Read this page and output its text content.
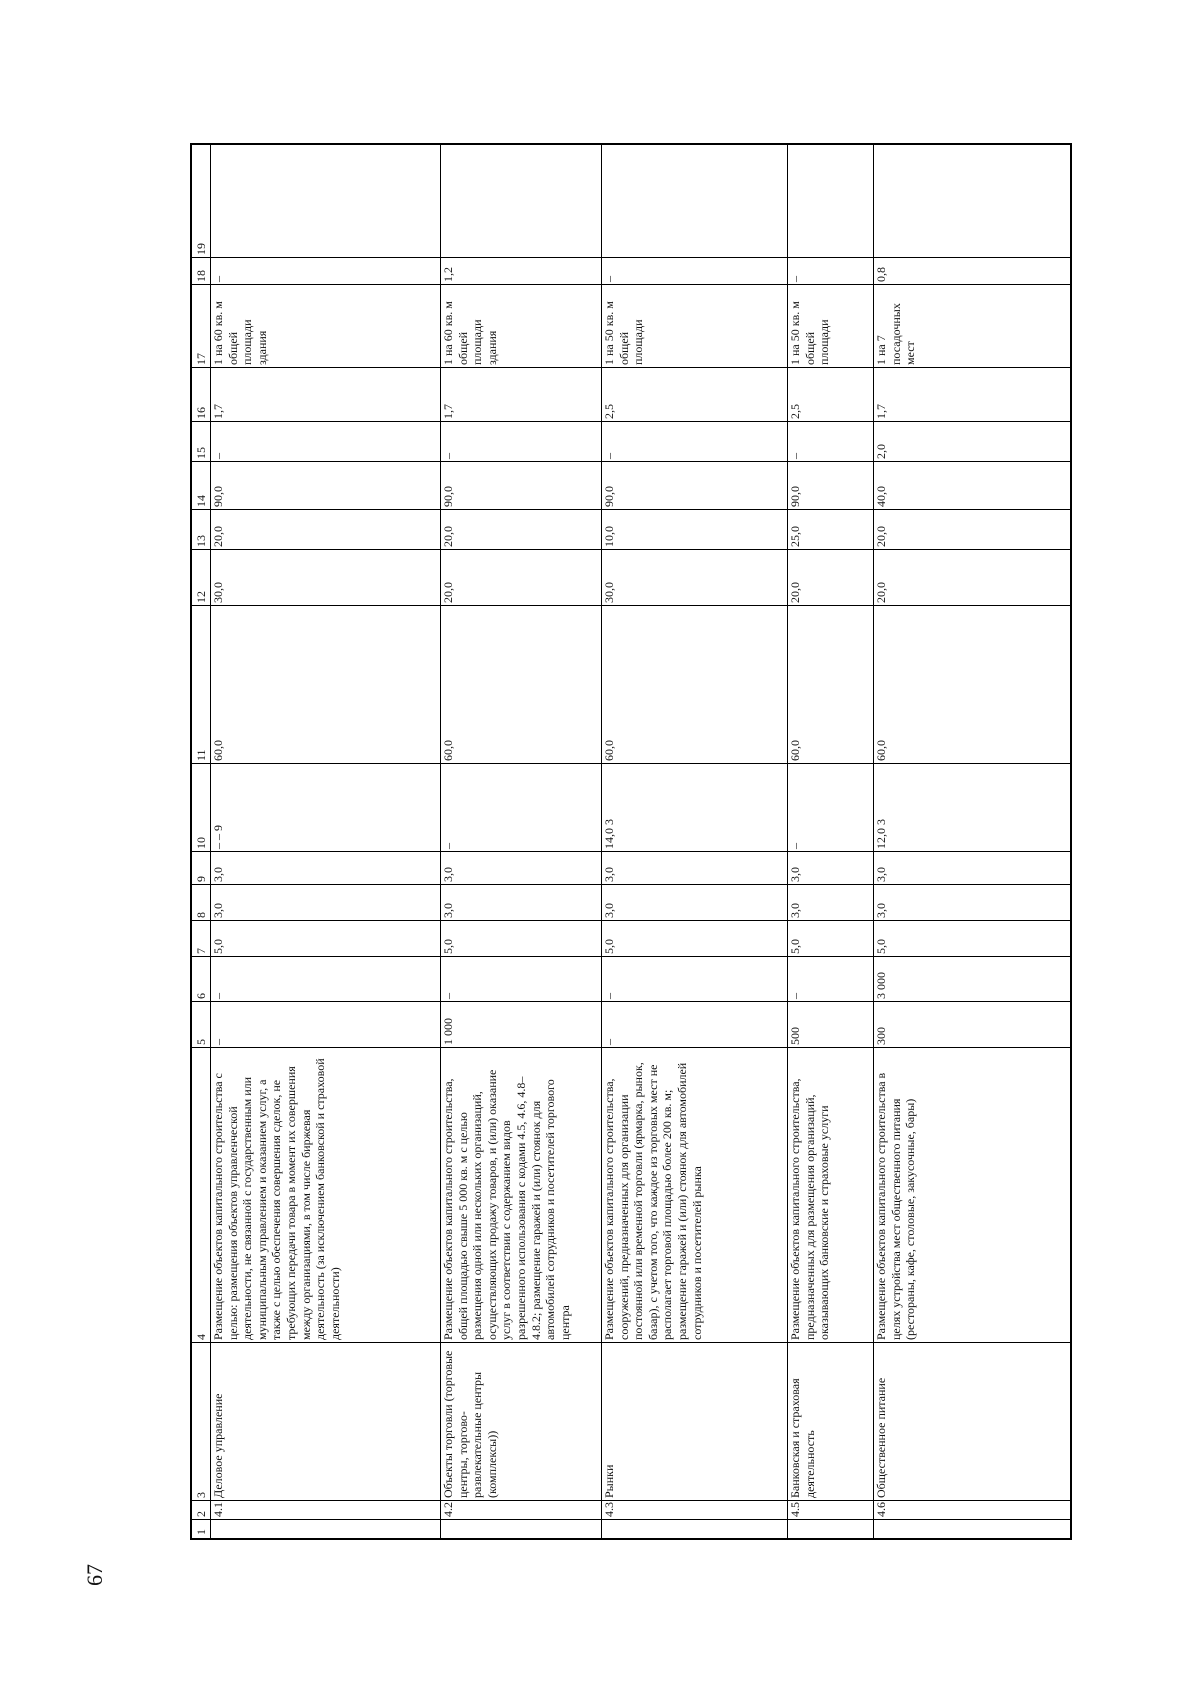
67
1
2
3
4
5
6
7
8
9
10
11
12
13
14
15
16
17
18
19
4.1
Деловое управление
Размещение объектов капитального строительства с целью: размещения объектов управленческой деятельности, не связанной с государственным или муниципальным управлением и оказанием услуг, а также с целью обеспечения совершения сделок, не требующих передачи товара в момент их совершения между организациями, в том числе биржевая деятельность (за исключением банковской и страховой деятельности)
–
–
5,0
3,0
3,0
– – 9
60,0
30,0
20,0
90,0
–
1,7
1 на 60 кв. м общей площади здания
–
4.2
Объекты торговли (торговые центры, торгово-развлекательные центры (комплексы))
Размещение объектов капитального строительства, общей площадью свыше 5 000 кв. м с целью размещения одной или нескольких организаций, осуществляющих продажу товаров, и (или) оказание услуг в соответствии с содержанием видов разрешенного использования с кодами 4.5, 4.6, 4.8–4.8.2; размещение гаражей и (или) стоянок для автомобилей сотрудников и посетителей торгового центра
1 000
–
5,0
3,0
3,0
–
60,0
20,0
20,0
90,0
–
1,7
1 на 60 кв. м общей площади здания
1,2
4.3
Рынки
Размещение объектов капитального строительства, сооружений, предназначенных для организации постоянной или временной торговли (ярмарка, рынок, базар), с учетом того, что каждое из торговых мест не располагает торговой площадью более 200 кв. м; размещение гаражей и (или) стоянок для автомобилей сотрудников и посетителей рынка
–
–
5,0
3,0
3,0
14,0 3
60,0
30,0
10,0
90,0
–
2,5
1 на 50 кв. м общей площади
–
4.5
Банковская и страховая деятельность
Размещение объектов капитального строительства, предназначенных для размещения организаций, оказывающих банковские и страховые услуги
500
–
5,0
3,0
3,0
–
60,0
20,0
25,0
90,0
–
2,5
1 на 50 кв. м общей площади
–
4.6
Общественное питание
Размещение объектов капитального строительства в целях устройства мест общественного питания (рестораны, кафе, столовые, закусочные, бары)
300
3 000
5,0
3,0
3,0
12,0 3
60,0
20,0
20,0
40,0
2,0
1,7
1 на 7 посадочных мест
0,8
